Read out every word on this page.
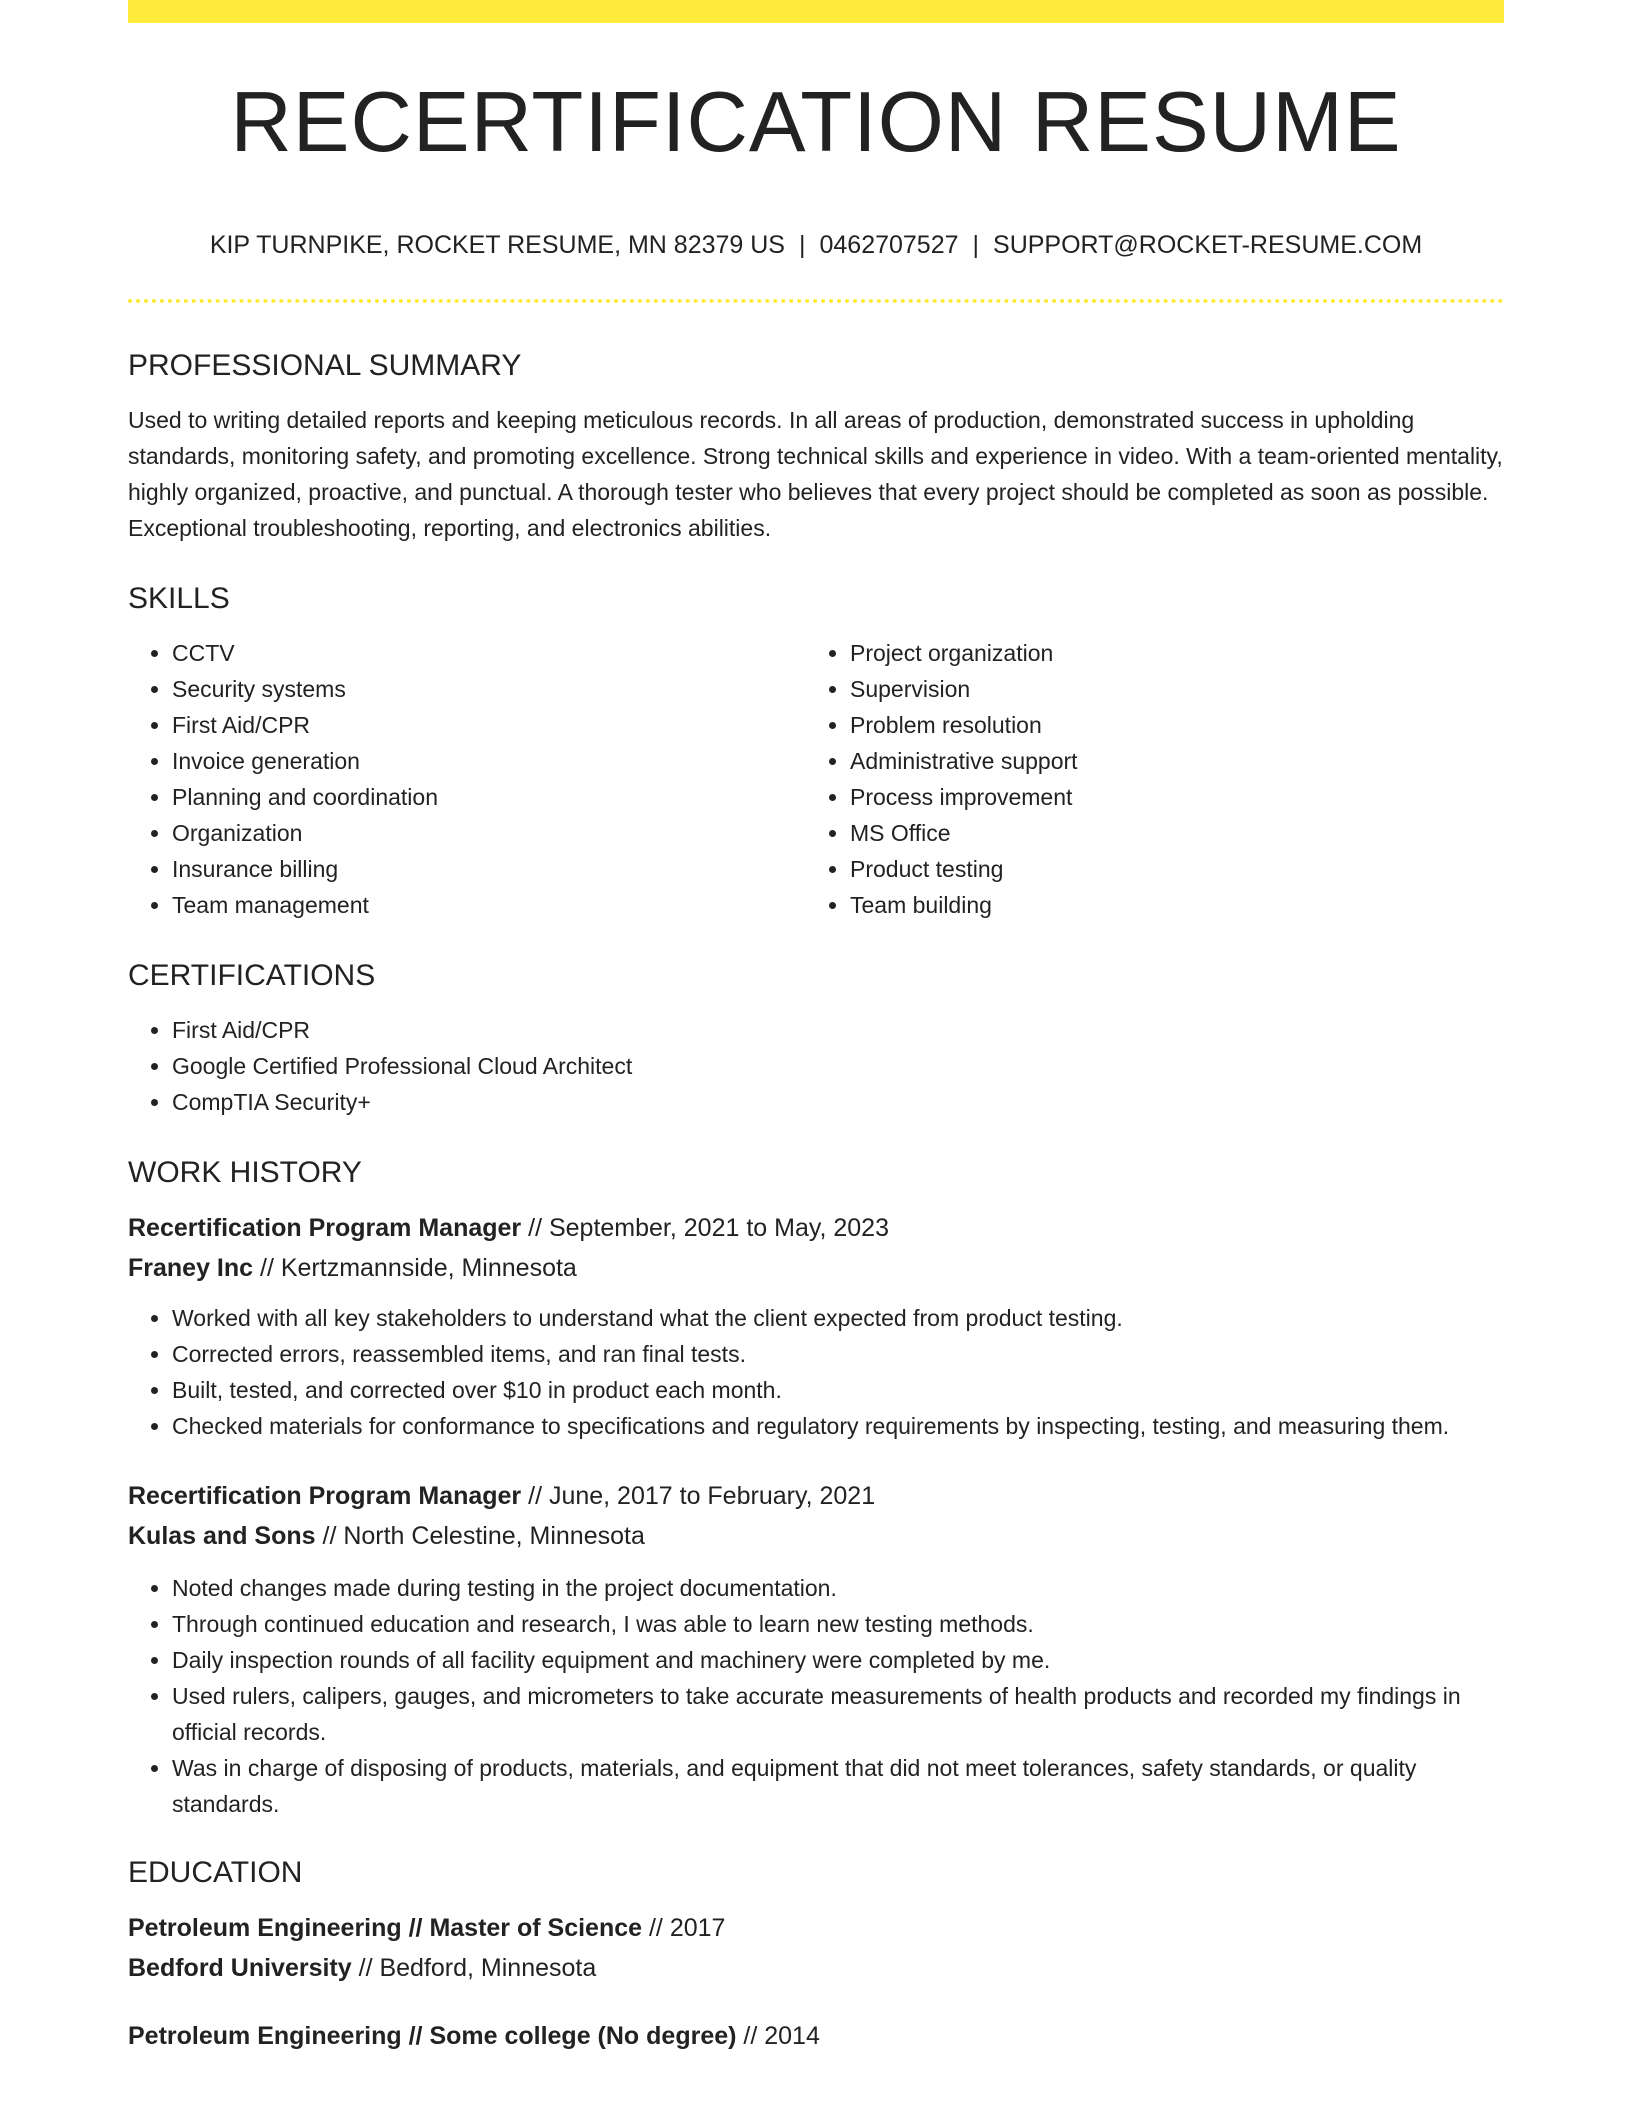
RECERTIFICATION RESUME
KIP TURNPIKE, ROCKET RESUME, MN 82379 US | 0462707527 | SUPPORT@ROCKET-RESUME.COM
PROFESSIONAL SUMMARY
Used to writing detailed reports and keeping meticulous records. In all areas of production, demonstrated success in upholding standards, monitoring safety, and promoting excellence. Strong technical skills and experience in video. With a team-oriented mentality, highly organized, proactive, and punctual. A thorough tester who believes that every project should be completed as soon as possible. Exceptional troubleshooting, reporting, and electronics abilities.
SKILLS
• CCTV
• Security systems
• First Aid/CPR
• Invoice generation
• Planning and coordination
• Organization
• Insurance billing
• Team management
• Project organization
• Supervision
• Problem resolution
• Administrative support
• Process improvement
• MS Office
• Product testing
• Team building
CERTIFICATIONS
• First Aid/CPR
• Google Certified Professional Cloud Architect
• CompTIA Security+
WORK HISTORY
Recertification Program Manager // September, 2021 to May, 2023
Franey Inc // Kertzmannside, Minnesota
• Worked with all key stakeholders to understand what the client expected from product testing.
• Corrected errors, reassembled items, and ran final tests.
• Built, tested, and corrected over $10 in product each month.
• Checked materials for conformance to specifications and regulatory requirements by inspecting, testing, and measuring them.
Recertification Program Manager // June, 2017 to February, 2021
Kulas and Sons // North Celestine, Minnesota
• Noted changes made during testing in the project documentation.
• Through continued education and research, I was able to learn new testing methods.
• Daily inspection rounds of all facility equipment and machinery were completed by me.
• Used rulers, calipers, gauges, and micrometers to take accurate measurements of health products and recorded my findings in official records.
• Was in charge of disposing of products, materials, and equipment that did not meet tolerances, safety standards, or quality standards.
EDUCATION
Petroleum Engineering // Master of Science // 2017
Bedford University // Bedford, Minnesota
Petroleum Engineering // Some college (No degree) // 2014
